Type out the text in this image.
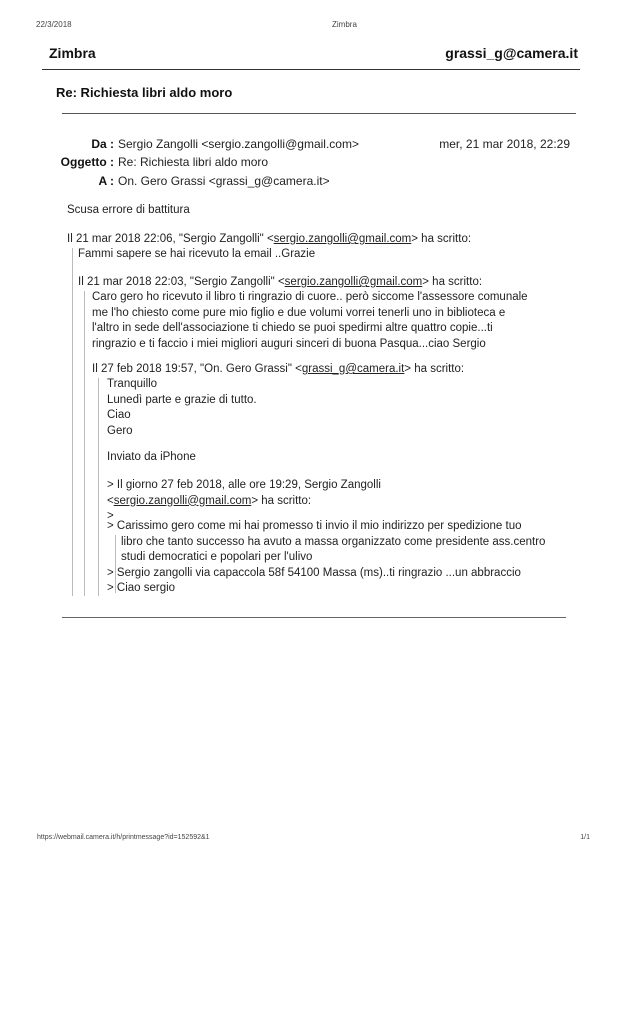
22/3/2018	Zimbra
Zimbra	grassi_g@camera.it
Re: Richiesta libri aldo moro
Da : Sergio Zangolli <sergio.zangolli@gmail.com>	mer, 21 mar 2018, 22:29
Oggetto : Re: Richiesta libri aldo moro
A : On. Gero Grassi <grassi_g@camera.it>
Scusa errore di battitura
Il 21 mar 2018 22:06, "Sergio Zangolli" <sergio.zangolli@gmail.com> ha scritto:
Fammi sapere se hai ricevuto la email ..Grazie
Il 21 mar 2018 22:03, "Sergio Zangolli" <sergio.zangolli@gmail.com> ha scritto:
Caro gero ho ricevuto il libro ti ringrazio di cuore.. però siccome l'assessore comunale
me l'ho chiesto come pure mio figlio e due volumi vorrei tenerli uno in biblioteca e
l'altro in sede dell'associazione ti chiedo se puoi spedirmi altre quattro copie...ti
ringrazio e ti faccio i miei migliori auguri sinceri di buona Pasqua...ciao Sergio
Il 27 feb 2018 19:57, "On. Gero Grassi" <grassi_g@camera.it> ha scritto:
Tranquillo
Lunedì parte e grazie di tutto.
Ciao
Gero
Inviato da iPhone
> Il giorno 27 feb 2018, alle ore 19:29, Sergio Zangolli
<sergio.zangolli@gmail.com> ha scritto:
>
> Carissimo gero come mi hai promesso ti invio il mio indirizzo per spedizione tuo
libro che tanto successo ha avuto a massa organizzato come presidente ass.centro
studi democratici e popolari per l'ulivo
> Sergio zangolli via capaccola 58f 54100 Massa (ms)..ti ringrazio ...un abbraccio
> Ciao sergio
https://webmail.camera.it/h/printmessage?id=152592&1	1/1
